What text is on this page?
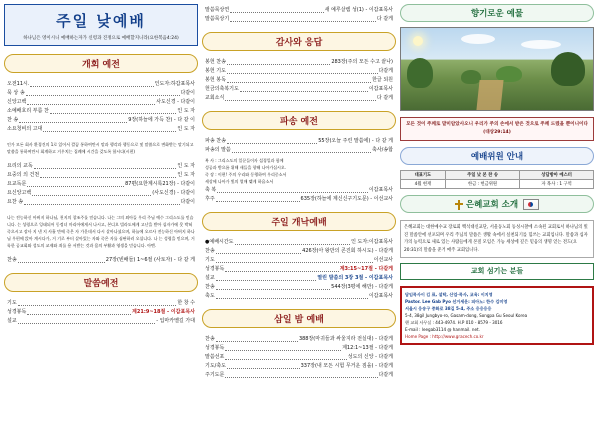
주일 낮예배
하나님은 영이시니 예배하는자가 신령과 진정으로 예배할지니라(요한복음4:24)
개회 예전
오전11시.	인도자:하갑표목사
묵 상 송	다같이
신앙고백	사도신경 - 다같이
소예배호리 부름 찬	인 도 자
찬 송	9장(하늘에 가득 찬) - 다 같 이
소요청비의 고대	인 도 자
인가 모든 회사 환경건의 1로 있어서 깔끔 통하여만시 말과 행각과 행동으로 및 말씀으로 변화받는 말기되고 말씀을 통하여만시 회계하고 거우치는 집례에 시간을 갖도록 합시다(시편)
요리의 교독	인 도 자
요중의 의 건천	인 도 자
요교독문	87편(요한계시록21장) - 다같이
요신앙고백	(사도신경) - 다같이
요찬 송	다같이
나는 전능하신 아버지 하나님, 천지의 창조주를 믿습니다. 나는 그의 외아들 우리 주님 예수 그리스도를 믿습니다. 는 성령으로 잉태되어 동정녀 마리아에게서 나시고, 본디오 빌라도에게 고난을 받아 십자가에 못 박혀 죽으시고 장사 지 낸 지 사흘 만에 죽은 자 가운데서 다시 살아나셨으며, 하늘에 오르사 전능하신 아버지 하나님 우편에 앉아 계시다가, 거 기로 부터 살아있는 자와 죽은 자를 심판하러 오십니다. 나 는 성령을 믿으며, 거룩한 공교회와 성도의 교제와 죄를 용 서받는 것과 몸의 부활과 영생을 믿습니다. 아멘.
찬송	27장(빈배들) 1~6절 (사토자) - 다 같 게
말씀예전
기도	한 창 수
성경봉독	계21:9~18절 - 이갑표목사
설교	- 입마카멜길 가대
말씀묵상연	새 예루살렘 성(1) - 이갑표목사
말씀묵상기	다 같게
감사와 응답
봉헌 찬송	283장(주의 모든 수고 끝나)
봉헌 기도	다같게
봉헌 봉독	한글 되원
헌금의축복기도	이갑표목사
교회소식	다 같게
파송 예전
파송 찬송	55장(오늘 주린 말씀에) - 다 같 게
파송의 말씀	축사/송합
복 사 : 그리스도의 일꾼들이자 섬경일과 함께
성공과 받으름 위해 새들을 향해 나아가십시오.
죽 장 : 이편! 주의 우리와 동행하여 우리중소서
세상에 나아가 빛의 열매 맺게 하옵소서
축 복	이갑표목사
후주	635장(하늘에 계신신구기도문) - 이선교사
주일 개낙예배
●예배시간도	인 도자:이갑표목사
찬송	426장(아 왕만의 콘진회 하시도) - 다같게
기도	이선교사
성경봉독	계3:15~17절 - 다같게
설교	열린 말씀의 3장 3절 - 이갑표목사
찬송	544장(3평에 해만) - 다같게
축도	이갑표목사
삼일 밤 예배
찬송	388장(마귀들과 싸울지라 전실대) - 다같게
성경봉독	계12:1~13절 - 다같게
말씀선포	성도의 신앙 - 다같게
기도/축도	337장(내 모든 시험 무거운 짐을) - 다같게
주기도문	다같게
향기로운 예물
모든 것이 주께로 말미암았사오니 우리가 주의 손에서 받은 것으로 주께 드렸을 뿐이니이다(대상29:14)
예배위원 안내
대표기도	주일 낮 본 찬 송	상담방아 에스터
4월 현재	한금 : 헌금위원	자 목사 : 1 구역
은혜교회 소개
은혜교회는 대한예수교 장로회 백석대신교단, 서울동노회 동성시찰에 소속된 교회로서 하나님의 빛 진 말씀안에 선포되며 우리 주님의 말씀은 생활 속에서 실천되기를 힘쓰는 교회입니다. 말씀과 십자가의 능력으로 새로 있는 사람들에게 본질 모임은 가능 세상에 깊은 믿음의 생명 얻는 전도(요20:31)의 말씀을 준거 매주 교회입니다.
교회 섬기는 분들
담임목사이 김 표, 설탁, 산업·목사, 교육: 이지영
Pastor. Lee Gab Pyo 선거세운: 피아노: 한수 김미영
서울시 응송구 중화로 38길 5-4, 주소 응응응응
5-4, 38gil Jungbyo-ro, Gasam-dong, Songpa Gu Seoul Korea
핸 교회 사무실 : 443-4974. H.P 010 - 8579 - 3016
E-mail : leegab3114 @ hanmail. net.
Home Page : http://www.gracech.co.kr
